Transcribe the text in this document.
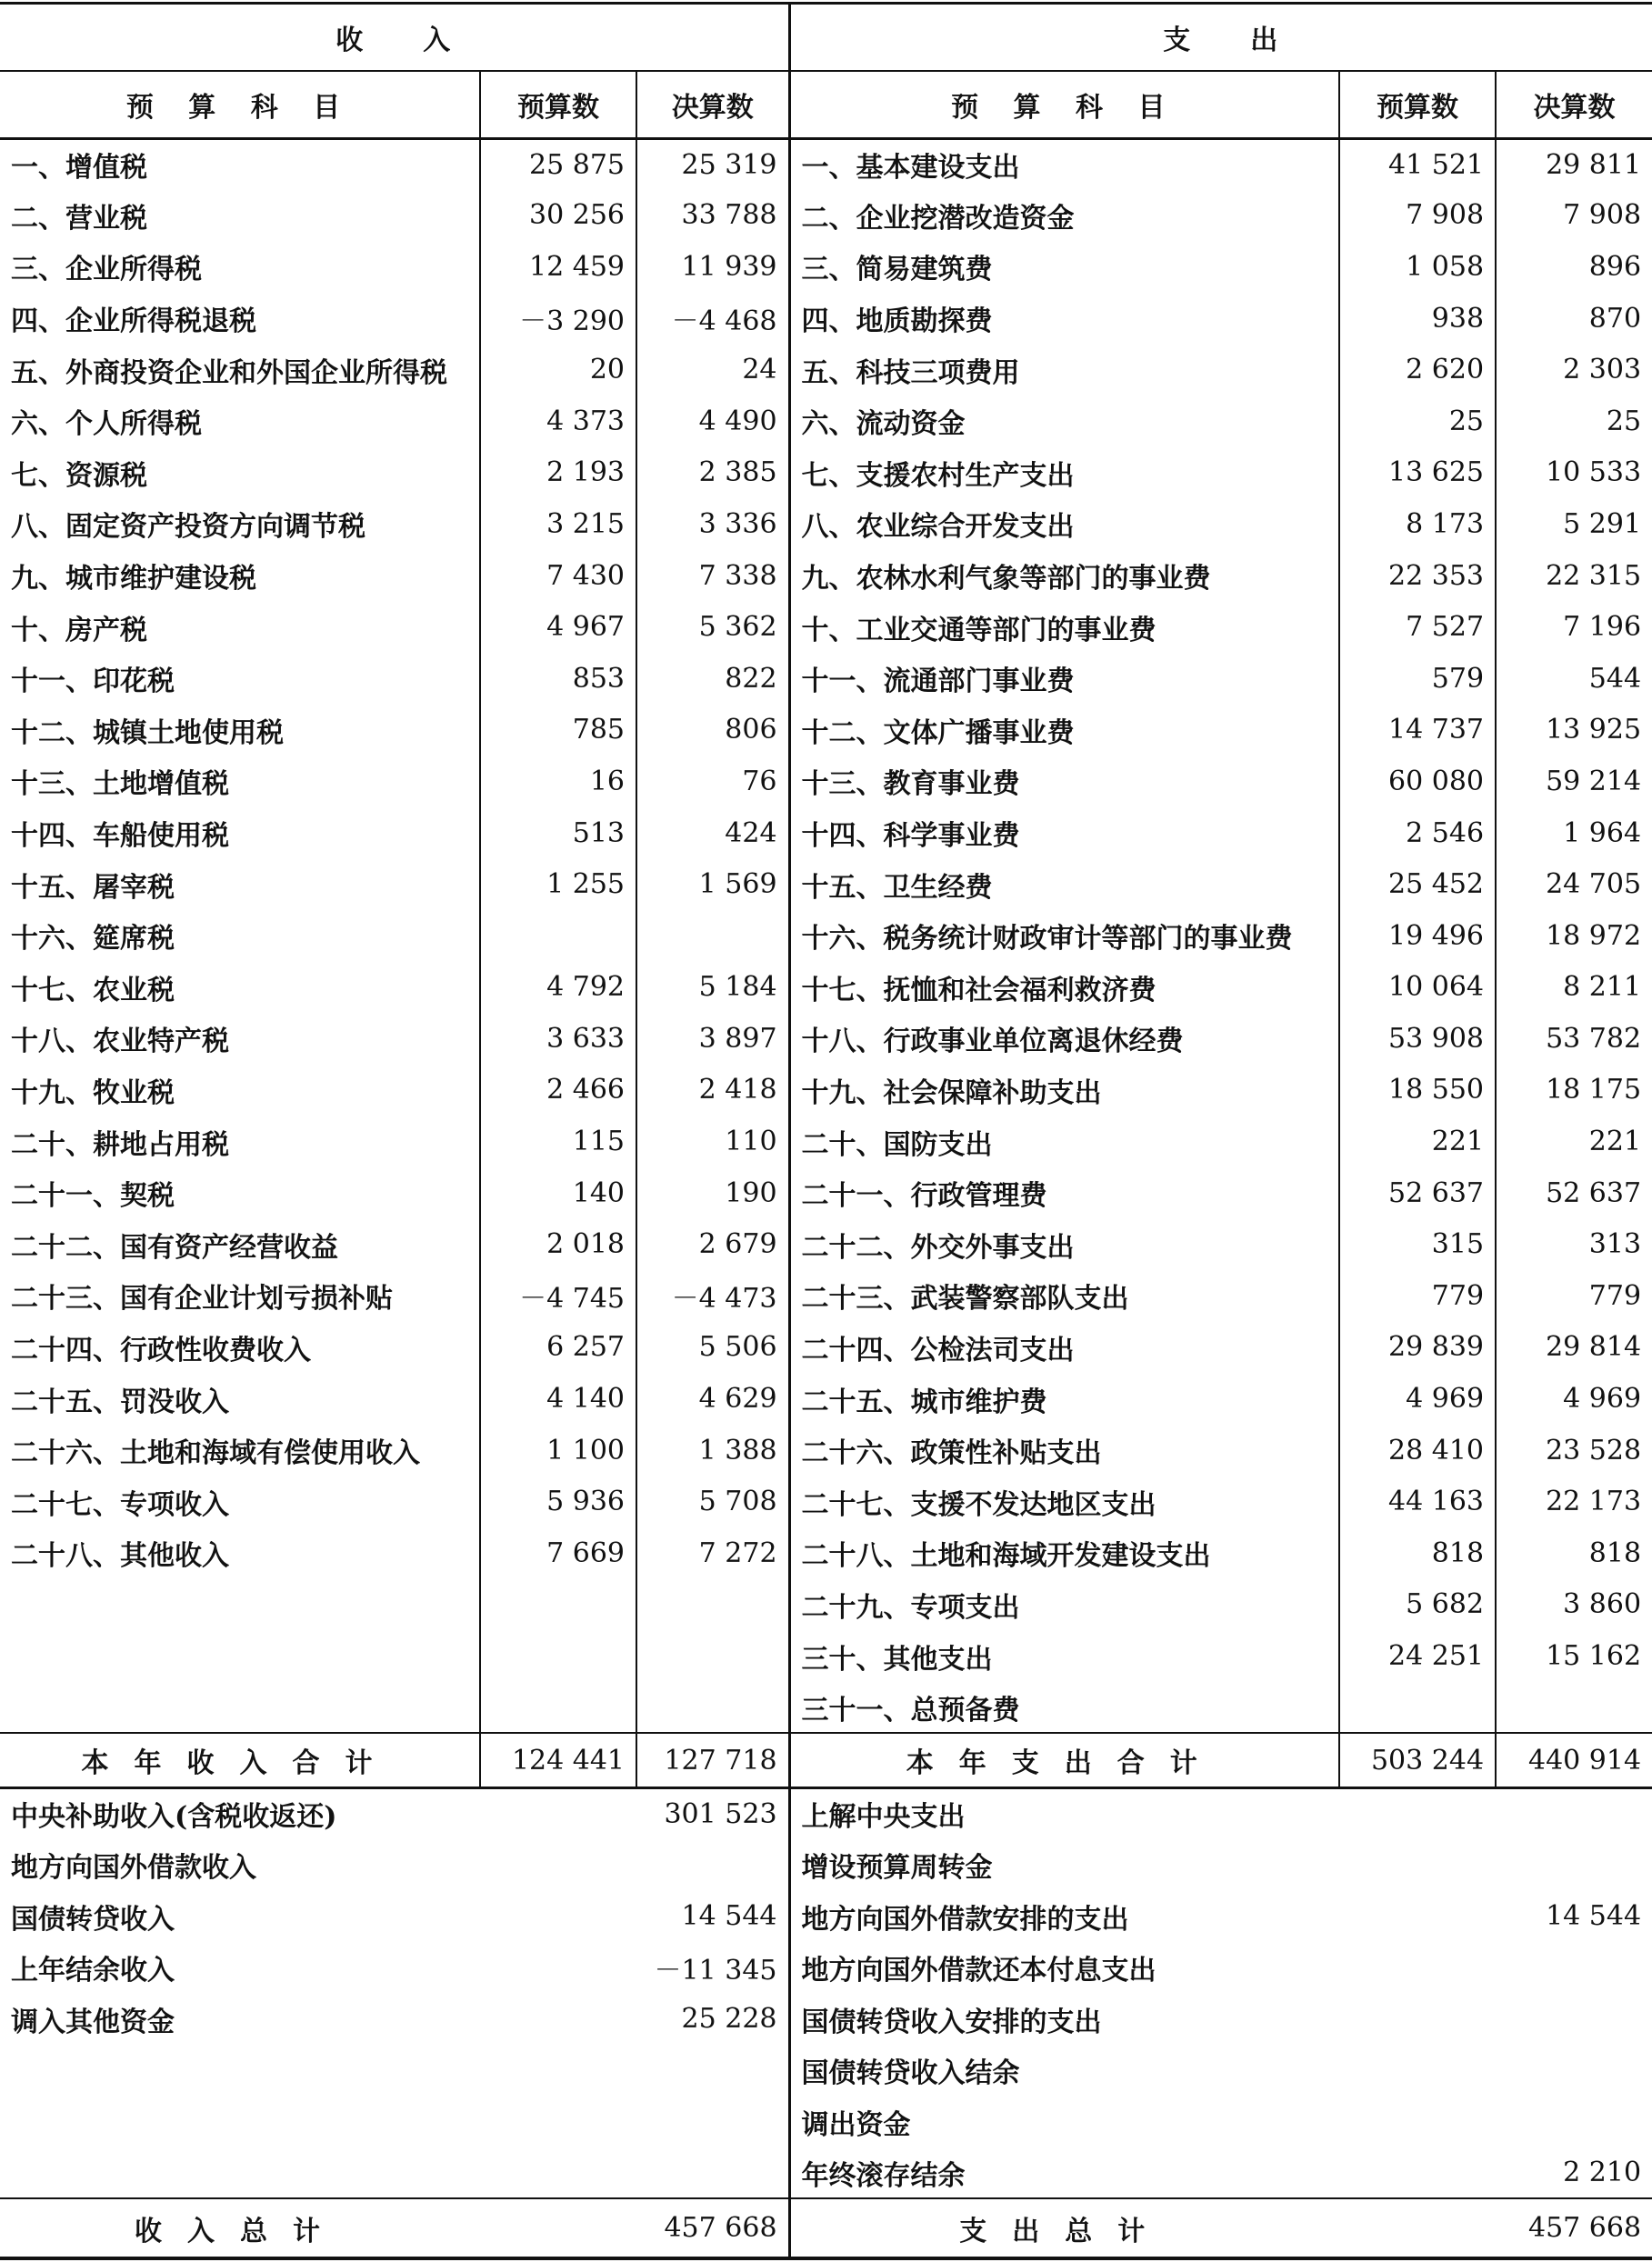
收　　入			支　　出		
预 算 科 目	预算数	决算数	预 算 科 目	预算数	决算数
一、增值税	25 875	25 319	一、基本建设支出	41 521	29 811
二、营业税	30 256	33 788	二、企业挖潜改造资金	7 908	7 908
三、企业所得税	12 459	11 939	三、简易建筑费	1 058	896
四、企业所得税退税	－3 290	－4 468	四、地质勘探费	938	870
五、外商投资企业和外国企业所得税	20	24	五、科技三项费用	2 620	2 303
六、个人所得税	4 373	4 490	六、流动资金	25	25
七、资源税	2 193	2 385	七、支援农村生产支出	13 625	10 533
八、固定资产投资方向调节税	3 215	3 336	八、农业综合开发支出	8 173	5 291
九、城市维护建设税	7 430	7 338	九、农林水利气象等部门的事业费	22 353	22 315
十、房产税	4 967	5 362	十、工业交通等部门的事业费	7 527	7 196
十一、印花税	853	822	十一、流通部门事业费	579	544
十二、城镇土地使用税	785	806	十二、文体广播事业费	14 737	13 925
十三、土地增值税	16	76	十三、教育事业费	60 080	59 214
十四、车船使用税	513	424	十四、科学事业费	2 546	1 964
十五、屠宰税	1 255	1 569	十五、卫生经费	25 452	24 705
十六、筵席税			十六、税务统计财政审计等部门的事业费	19 496	18 972
十七、农业税	4 792	5 184	十七、抚恤和社会福利救济费	10 064	8 211
十八、农业特产税	3 633	3 897	十八、行政事业单位离退休经费	53 908	53 782
十九、牧业税	2 466	2 418	十九、社会保障补助支出	18 550	18 175
二十、耕地占用税	115	110	二十、国防支出	221	221
二十一、契税	140	190	二十一、行政管理费	52 637	52 637
二十二、国有资产经营收益	2 018	2 679	二十二、外交外事支出	315	313
二十三、国有企业计划亏损补贴	－4 745	－4 473	二十三、武装警察部队支出	779	779
二十四、行政性收费收入	6 257	5 506	二十四、公检法司支出	29 839	29 814
二十五、罚没收入	4 140	4 629	二十五、城市维护费	4 969	4 969
二十六、土地和海域有偿使用收入	1 100	1 388	二十六、政策性补贴支出	28 410	23 528
二十七、专项收入	5 936	5 708	二十七、支援不发达地区支出	44 163	22 173
二十八、其他收入	7 669	7 272	二十八、土地和海域开发建设支出	818	818
			二十九、专项支出	5 682	3 860
			三十、其他支出	24 251	15 162
			三十一、总预备费		
本年收入合计	124 441	127 718	本年支出合计	503 244	440 914
中央补助收入(含税收返还)	301 523		上解中央支出		
地方向国外借款收入			增设预算周转金		
国债转贷收入	14 544		地方向国外借款安排的支出	14 544	
上年结余收入	－11 345		地方向国外借款还本付息支出		
调入其他资金	25 228		国债转贷收入安排的支出		
			国债转贷收入结余		
			调出资金		
			年终滚存结余	2 210	
收入总计	457 668		支出总计	457 668	
